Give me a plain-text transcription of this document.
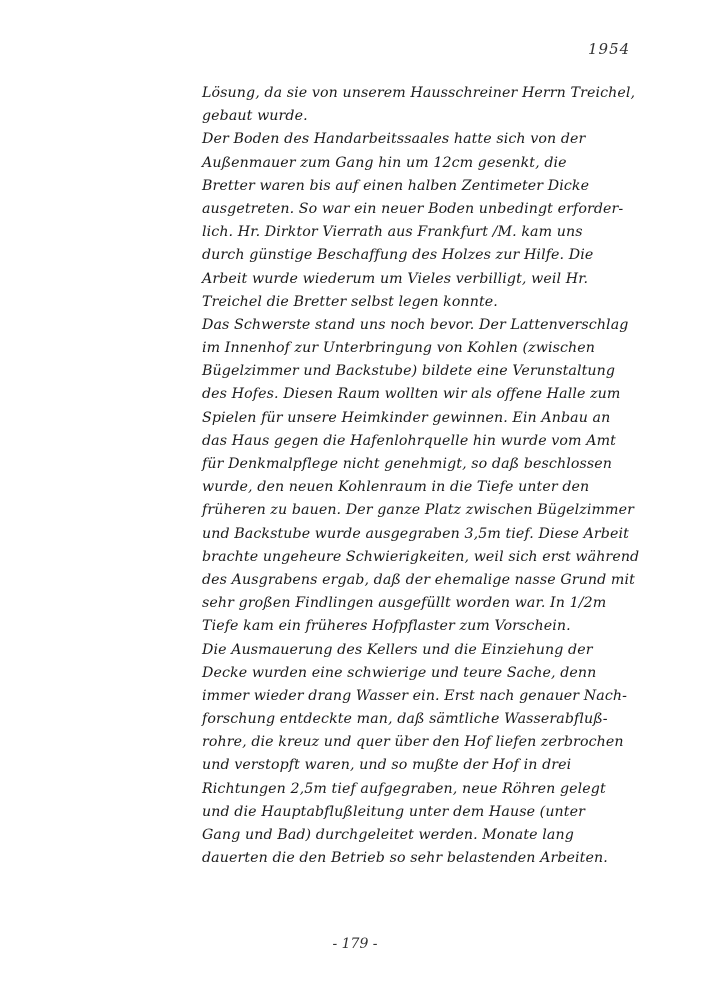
1954
Lösung, da sie von unserem Hausschreiner Herrn Treichel,
gebaut wurde.
Der Boden des Handarbeitssaales hatte sich von der
Außenmauer zum Gang hin um 12cm gesenkt, die
Bretter waren bis auf einen halben Zentimeter Dicke
ausgetreten. So war ein neuer Boden unbedingt erforder-
lich. Hr. Dirktor Vierrath aus Frankfurt /M. kam uns
durch günstige Beschaffung des Holzes zur Hilfe. Die
Arbeit wurde wiederum um Vieles verbilligt, weil Hr.
Treichel die Bretter selbst legen konnte.
Das Schwerste stand uns noch bevor. Der Lattenverschlag
im Innenhof zur Unterbringung von Kohlen (zwischen
Bügelzimmer und Backstube) bildete eine Verunstaltung
des Hofes. Diesen Raum wollten wir als offene Halle zum
Spielen für unsere Heimkinder gewinnen. Ein Anbau an
das Haus gegen die Hafenlohrquelle hin wurde vom Amt
für Denkmalpflege nicht genehmigt, so daß beschlossen
wurde, den neuen Kohlenraum in die Tiefe unter den
früheren zu bauen. Der ganze Platz zwischen Bügelzimmer
und Backstube wurde ausgegraben 3,5m tief. Diese Arbeit
brachte ungeheure Schwierigkeiten, weil sich erst während
des Ausgrabens ergab, daß der ehemalige nasse Grund mit
sehr großen Findlingen ausgefüllt worden war. In 1/2m
Tiefe kam ein früheres Hofpflaster zum Vorschein.
Die Ausmauerung des Kellers und die Einziehung der
Decke wurden eine schwierige und teure Sache, denn
immer wieder drang Wasser ein. Erst nach genauer Nach-
forschung entdeckte man, daß sämtliche Wasserabfluß-
rohre, die kreuz und quer über den Hof liefen zerbrochen
und verstopft waren, und so mußte der Hof in drei
Richtungen 2,5m tief aufgegraben, neue Röhren gelegt
und die Hauptabflußleitung unter dem Hause (unter
Gang und Bad) durchgeleitet werden. Monate lang
dauerten die den Betrieb so sehr belastenden Arbeiten.
- 179 -
